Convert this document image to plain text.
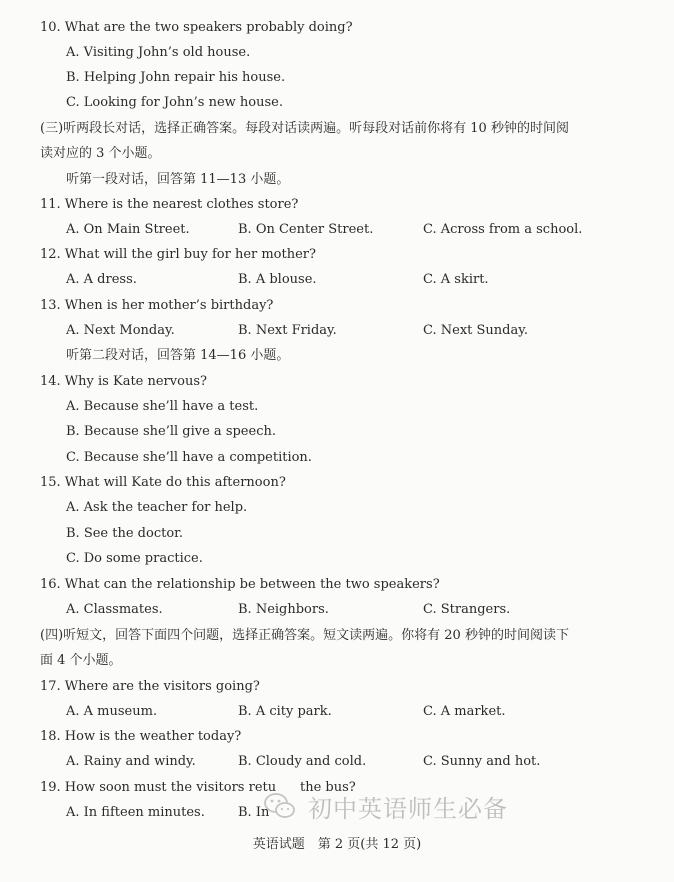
10. What are the two speakers probably doing?
A. Visiting John’s old house.
B. Helping John repair his house.
C. Looking for John’s new house.
(三)听两段长对话，选择正确答案。每段对话读两遍。听每段对话前你将有 10 秒钟的时间阅
读对应的 3 个小题。
听第一段对话，回答第 11—13 小题。
11. Where is the nearest clothes store?
A. On Main Street.	B. On Center Street.	C. Across from a school.
12. What will the girl buy for her mother?
A. A dress.	B. A blouse.	C. A skirt.
13. When is her mother’s birthday?
A. Next Monday.	B. Next Friday.	C. Next Sunday.
听第二段对话，回答第 14—16 小题。
14. Why is Kate nervous?
A. Because she’ll have a test.
B. Because she’ll give a speech.
C. Because she’ll have a competition.
15. What will Kate do this afternoon?
A. Ask the teacher for help.
B. See the doctor.
C. Do some practice.
16. What can the relationship be between the two speakers?
A. Classmates.	B. Neighbors.	C. Strangers.
(四)听短文，回答下面四个问题，选择正确答案。短文读两遍。你将有 20 秒钟的时间阅读下
面 4 个小题。
17. Where are the visitors going?
A. A museum.	B. A city park.	C. A market.
18. How is the weather today?
A. Rainy and windy.	B. Cloudy and cold.	C. Sunny and hot.
19. How soon must the visitors retu the bus?
A. In fifteen minutes.	B. In 初中英语师生必备
英语试题　第 2 页(共 12 页)
